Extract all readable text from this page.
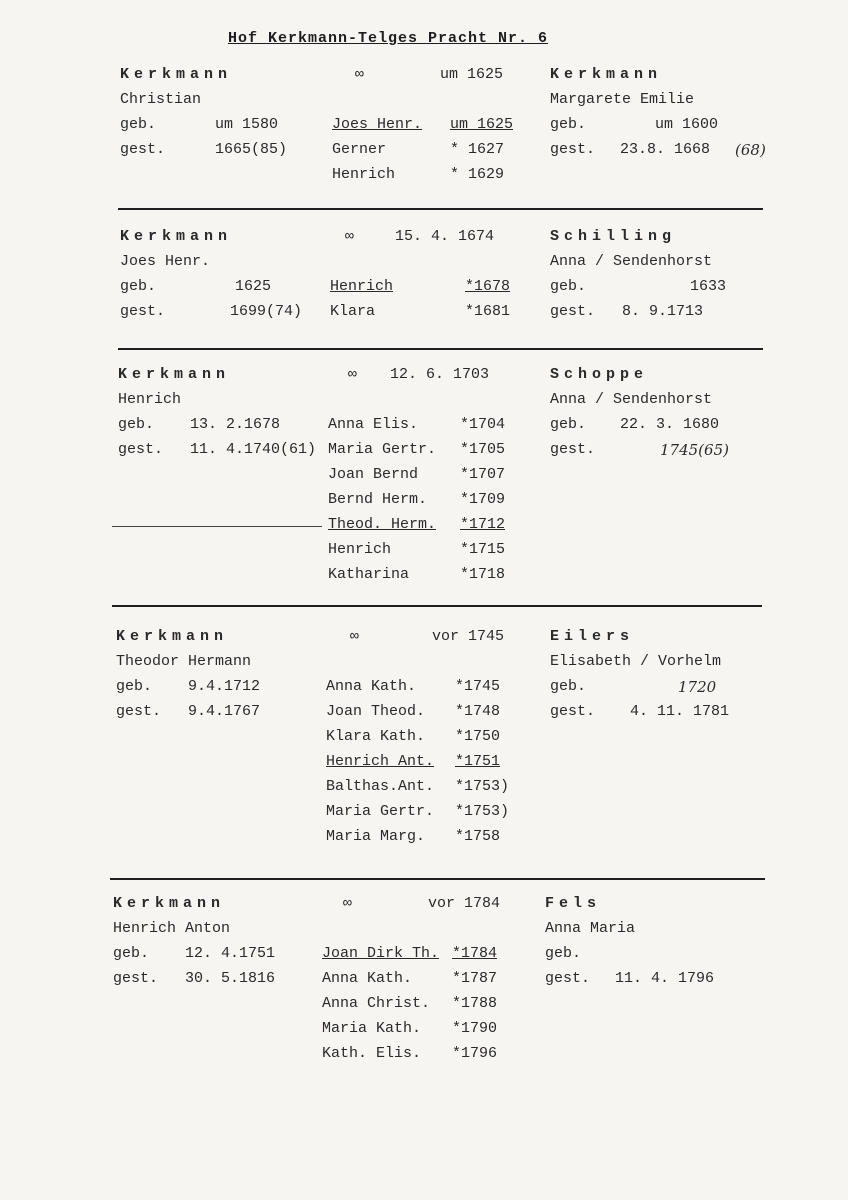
Hof Kerkmann-Telges Pracht Nr. 6
Kerkmann
Christian
geb.	um 1580
gest.	1665(85)
∞	um 1625
Joes Henr. um 1625
Gerner	* 1627
Henrich	* 1629
Kerkmann
Margarete Emilie
geb.	um 1600
gest. 23.8. 1668 (68)
Kerkmann
Joes Henr.
geb.	1625
gest.	1699(74)
∞	15. 4. 1674
Henrich	*1678
Klara	*1681
Schilling
Anna / Sendenhorst
geb.	1633
gest. 8. 9.1713
Kerkmann
Henrich
geb. 13. 2.1678
gest. 11. 4.1740(61)
∞ 12. 6. 1703
Anna Elis.	*1704
Maria Gertr. *1705
Joan Bernd	*1707
Bernd Herm. *1709
Theod. Herm. *1712
Henrich	*1715
Katharina	*1718
Schoppe
Anna / Sendenhorst
geb. 22. 3. 1680
gest.	1745(65)
Kerkmann
Theodor Hermann
geb. 9.4.1712
gest. 9.4.1767
∞	vor 1745
Anna Kath.	*1745
Joan Theod. *1748
Klara Kath. *1750
Henrich Ant. *1751
Balthas.Ant. *1753)
Maria Gertr. *1753)
Maria Marg. *1758
Eilers
Elisabeth / Vorhelm
geb.	1720
gest. 4. 11. 1781
Kerkmann
Henrich Anton
geb. 12. 4.1751
gest. 30. 5.1816
∞	vor 1784
Joan Dirk Th. *1784
Anna Kath.	*1787
Anna Christ. *1788
Maria Kath. *1790
Kath. Elis. *1796
Fels
Anna Maria
geb.
gest. 11. 4. 1796
